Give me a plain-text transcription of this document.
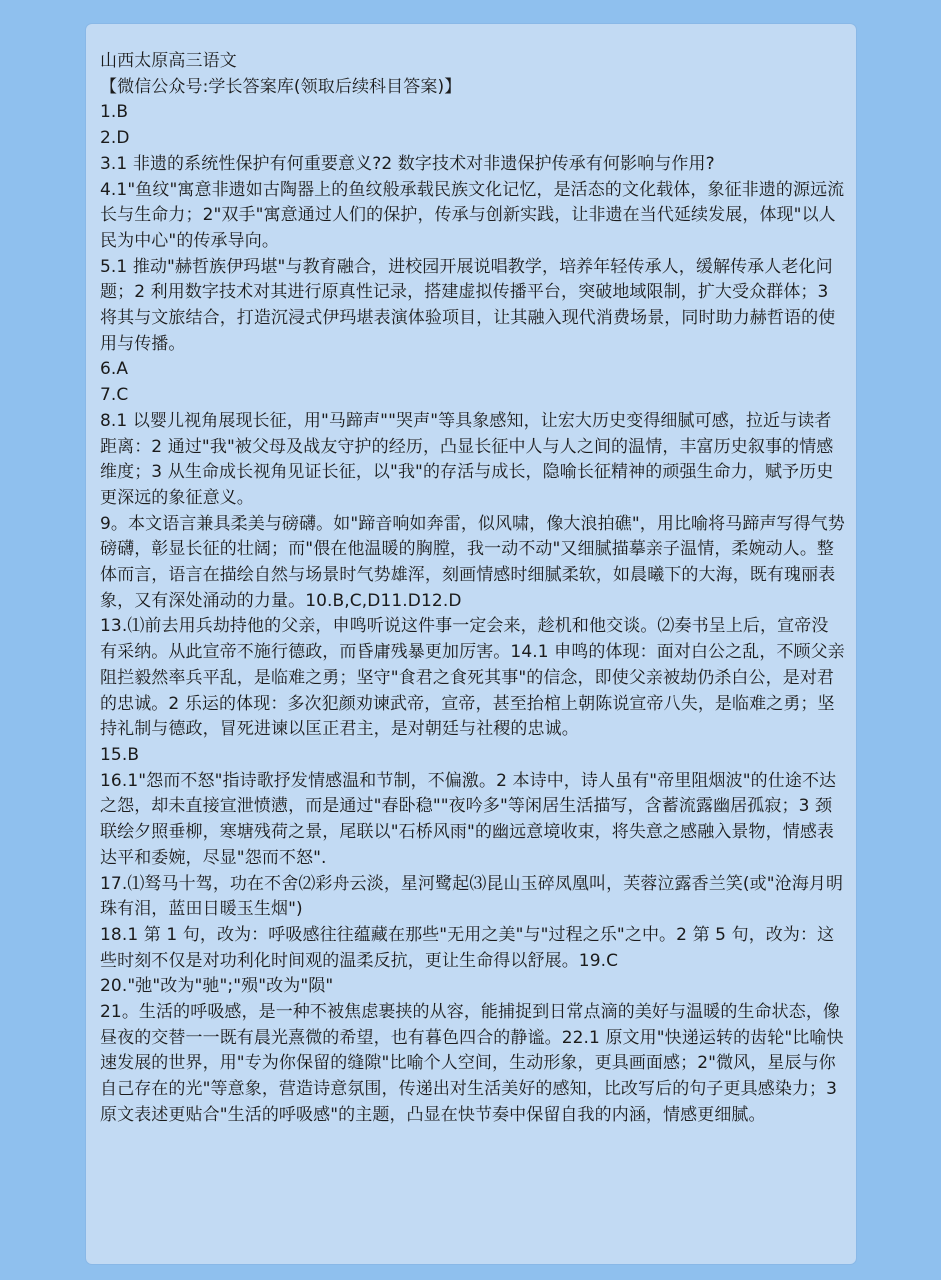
山西太原高三语文
【微信公众号:学长答案库(领取后续科目答案)】
1.B
2.D
3.1 非遗的系统性保护有何重要意义?2 数字技术对非遗保护传承有何影响与作用?
4.1"鱼纹"寓意非遗如古陶器上的鱼纹般承载民族文化记忆，是活态的文化载体，象征非遗的源远流长与生命力；2"双手"寓意通过人们的保护，传承与创新实践，让非遗在当代延续发展，体现"以人民为中心"的传承导向。
5.1 推动"赫哲族伊玛堪"与教育融合，进校园开展说唱教学，培养年轻传承人，缓解传承人老化问题；2 利用数字技术对其进行原真性记录，搭建虚拟传播平台，突破地域限制，扩大受众群体；3 将其与文旅结合，打造沉浸式伊玛堪表演体验项目，让其融入现代消费场景，同时助力赫哲语的使用与传播。
6.A
7.C
8.1 以婴儿视角展现长征，用"马蹄声""哭声"等具象感知，让宏大历史变得细腻可感，拉近与读者距离：2 通过"我"被父母及战友守护的经历，凸显长征中人与人之间的温情，丰富历史叙事的情感维度；3 从生命成长视角见证长征，以"我"的存活与成长，隐喻长征精神的顽强生命力，赋予历史更深远的象征意义。
9。本文语言兼具柔美与磅礴。如"蹄音响如奔雷，似风啸，像大浪拍礁"，用比喻将马蹄声写得气势磅礴，彰显长征的壮阔；而"偎在他温暖的胸膛，我一动不动"又细腻描摹亲子温情，柔婉动人。整体而言，语言在描绘自然与场景时气势雄浑，刻画情感时细腻柔软，如晨曦下的大海，既有瑰丽表象，又有深处涌动的力量。10.B,C,D11.D12.D
13.⑴前去用兵劫持他的父亲，申鸣听说这件事一定会来，趁机和他交谈。⑵奏书呈上后，宣帝没有采纳。从此宣帝不施行德政，而昏庸残暴更加厉害。14.1 申鸣的体现：面对白公之乱，不顾父亲阻拦毅然率兵平乱，是临难之勇；坚守"食君之食死其事"的信念，即使父亲被劫仍杀白公，是对君的忠诚。2 乐运的体现：多次犯颜劝谏武帝，宣帝，甚至抬棺上朝陈说宣帝八失，是临难之勇；坚持礼制与德政，冒死进谏以匡正君主，是对朝廷与社稷的忠诚。
15.B
16.1"怨而不怒"指诗歌抒发情感温和节制，不偏激。2 本诗中，诗人虽有"帝里阻烟波"的仕途不达之怨，却未直接宣泄愤懑，而是通过"春卧稳""夜吟多"等闲居生活描写，含蓄流露幽居孤寂；3 颈联绘夕照垂柳，寒塘残荷之景，尾联以"石桥风雨"的幽远意境收束，将失意之感融入景物，情感表达平和委婉，尽显"怨而不怒".
17.⑴驽马十驾，功在不舍⑵彩舟云淡，星河鹭起⑶昆山玉碎凤凰叫，芙蓉泣露香兰笑(或"沧海月明珠有泪，蓝田日暖玉生烟")
18.1 第 1 句，改为：呼吸感往往蕴藏在那些"无用之美"与"过程之乐"之中。2 第 5 句，改为：这些时刻不仅是对功利化时间观的温柔反抗，更让生命得以舒展。19.C
20."弛"改为"驰";"殒"改为"陨"
21。生活的呼吸感，是一种不被焦虑裹挟的从容，能捕捉到日常点滴的美好与温暖的生命状态，像昼夜的交替一一既有晨光熹微的希望，也有暮色四合的静谧。22.1 原文用"快递运转的齿轮"比喻快速发展的世界，用"专为你保留的缝隙"比喻个人空间，生动形象，更具画面感；2"微风，星辰与你自己存在的光"等意象，营造诗意氛围，传递出对生活美好的感知，比改写后的句子更具感染力；3 原文表述更贴合"生活的呼吸感"的主题，凸显在快节奏中保留自我的内涵，情感更细腻。
